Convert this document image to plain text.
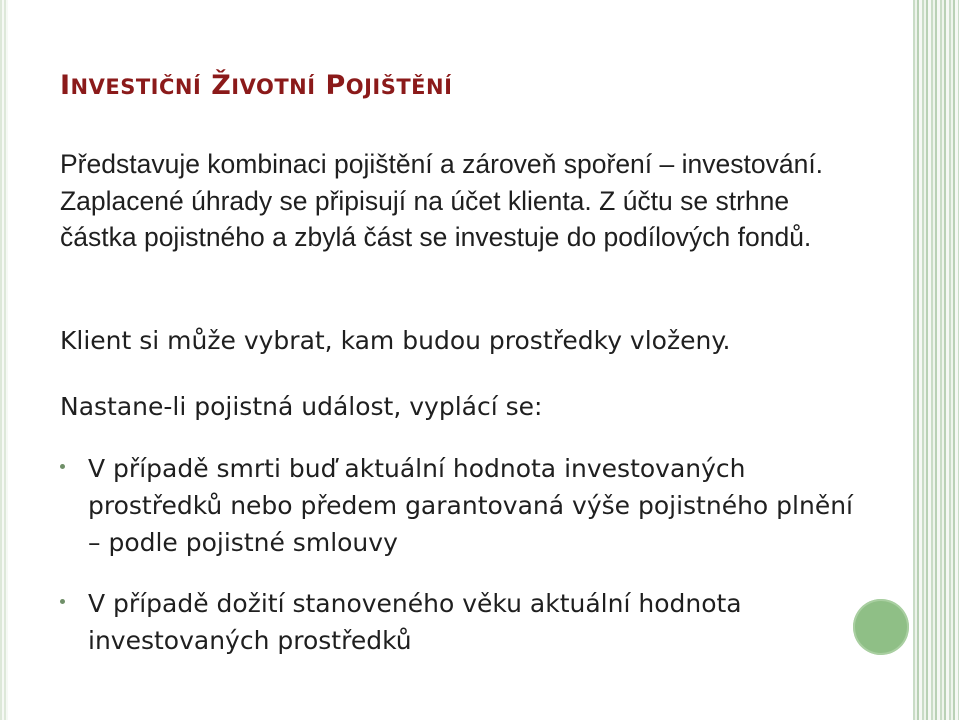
INVESTIČNÍ ŽIVOTNÍ POJIŠTĚNÍ
Představuje kombinaci pojištění a zároveň spoření – investování. Zaplacené úhrady se připisují na účet klienta. Z účtu se strhne částka pojistného a zbylá část se investuje do podílových fondů.
Klient si může vybrat, kam budou prostředky vloženy.
Nastane-li pojistná událost, vyplácí se:
V případě smrti buď aktuální hodnota investovaných prostředků nebo předem garantovaná výše pojistného plnění – podle pojistné smlouvy
V případě dožití stanoveného věku aktuální hodnota investovaných prostředků
